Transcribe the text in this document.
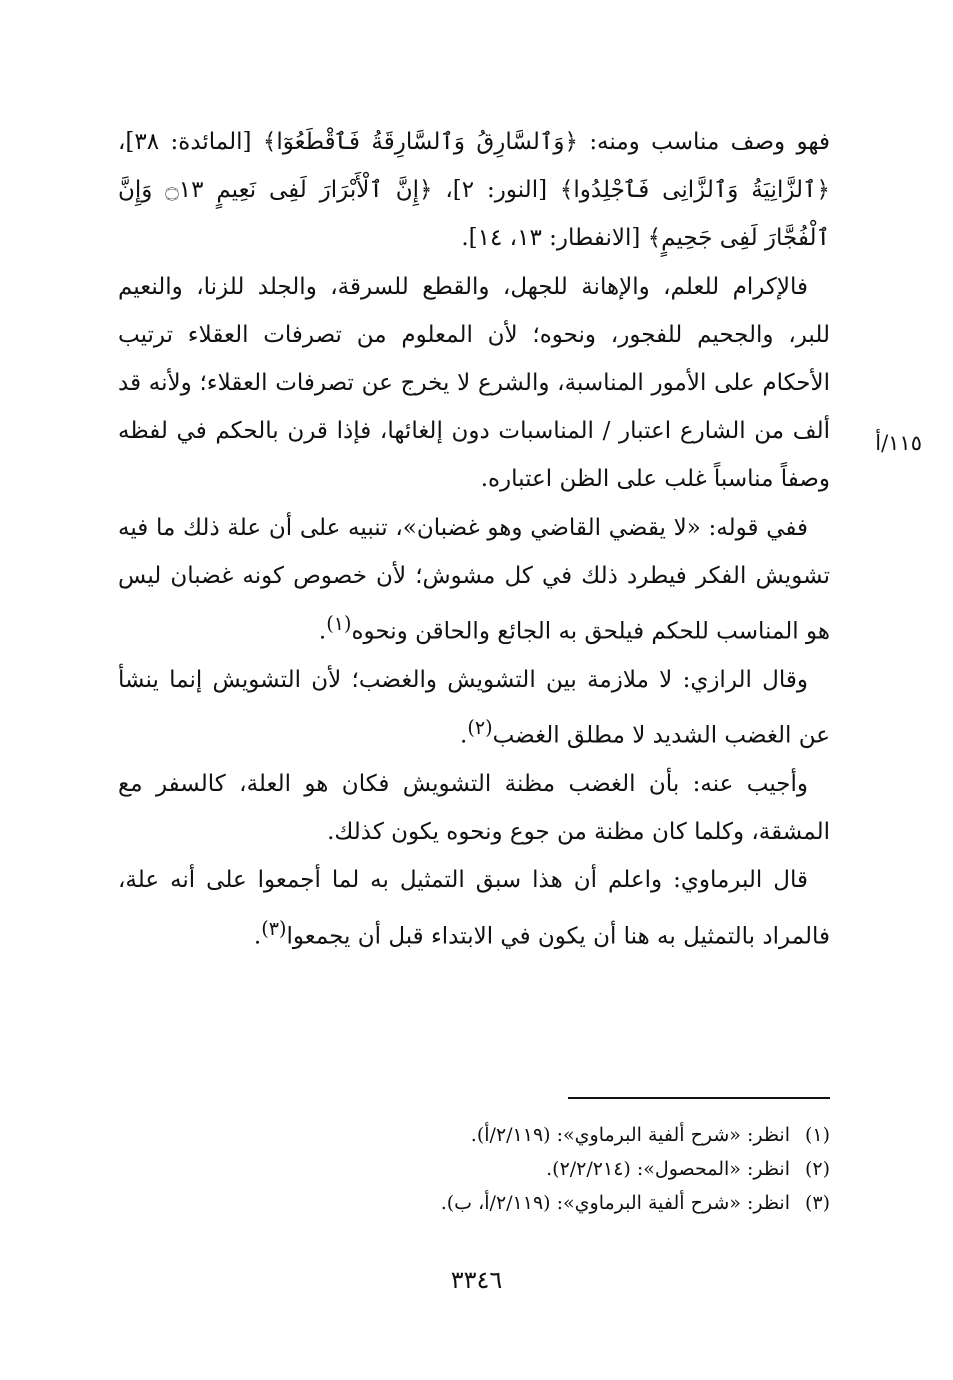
فهو وصف مناسب ومنه: ﴿وَٱلسَّارِقُ وَٱلسَّارِقَةُ فَٱقْطَعُوٓا﴾ [المائدة: ٣٨]، ﴿ٱلزَّانِيَةُ وَٱلزَّانِى فَٱجْلِدُوا﴾ [النور: ٢]، ﴿إِنَّ ٱلْأَبْرَارَ لَفِى نَعِيمٍ ۝١٣ وَإِنَّ ٱلْفُجَّارَ لَفِى جَحِيمٍ﴾ [الانفطار: ١٣، ١٤].

فالإكرام للعلم، والإهانة للجهل، والقطع للسرقة، والجلد للزنا، والنعيم للبر، والجحيم للفجور، ونحوه؛ لأن المعلوم من تصرفات العقلاء ترتيب الأحكام على الأمور المناسبة، والشرع لا يخرج عن تصرفات العقلاء؛ ولأنه قد ألف من الشارع اعتبار / المناسبات دون إلغائها، فإذا قرن بالحكم في لفظه وصفاً مناسباً غلب على الظن اعتباره.

ففي قوله: «لا يقضي القاضي وهو غضبان»، تنبيه على أن علة ذلك ما فيه تشويش الفكر فيطرد ذلك في كل مشوش؛ لأن خصوص كونه غضبان ليس هو المناسب للحكم فيلحق به الجائع والحاقن ونحوه$^{(١)}$.

وقال الرازي: لا ملازمة بين التشويش والغضب؛ لأن التشويش إنما ينشأ عن الغضب الشديد لا مطلق الغضب$^{(٢)}$.

وأجيب عنه: بأن الغضب مظنة التشويش فكان هو العلة، كالسفر مع المشقة، وكلما كان مظنة من جوع ونحوه يكون كذلك.

قال البرماوي: واعلم أن هذا سبق التمثيل به لما أجمعوا على أنه علة، فالمراد بالتمثيل به هنا أن يكون في الابتداء قبل أن يجمعوا$^{(٣)}$.

١١٥/أ
(١)انظر: «شرح ألفية البرماوي»: (٢/١١٩/أ).
(٢)انظر: «المحصول»: (٢/٢/٢١٤).
(٣)انظر: «شرح ألفية البرماوي»: (٢/١١٩/أ، ب).
٣٣٤٦
